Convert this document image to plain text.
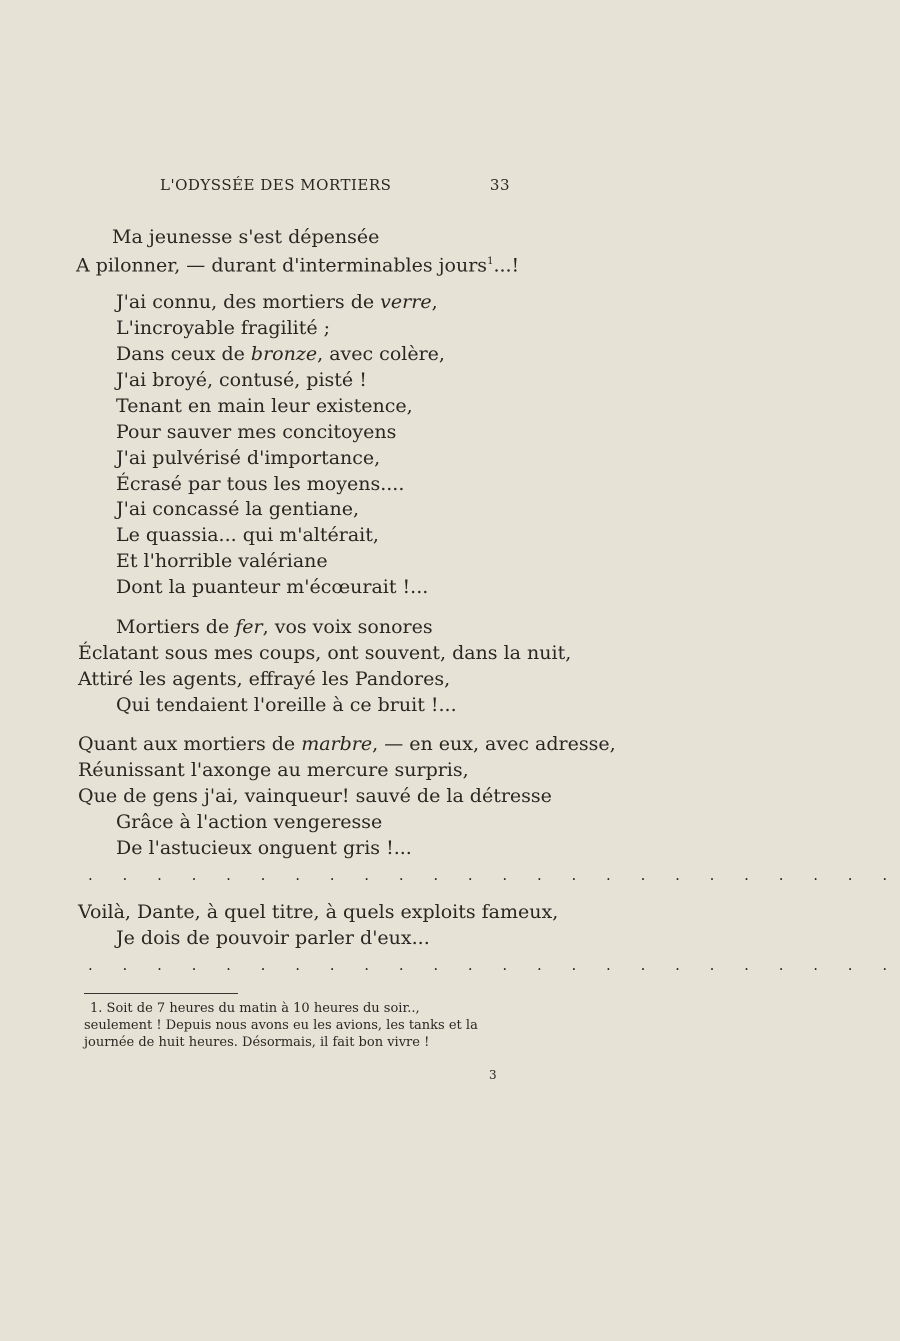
L'ODYSSÉE DES MORTIERS	33
Ma jeunesse s'est dépensée
A pilonner, — durant d'interminables jours$^1$...!
J'ai connu, des mortiers de verre,
L'incroyable fragilité ;
Dans ceux de bronze, avec colère,
J'ai broyé, contusé, pisté !
Tenant en main leur existence,
Pour sauver mes concitoyens
J'ai pulvérisé d'importance,
Écrasé par tous les moyens....
J'ai concassé la gentiane,
Le quassia... qui m'altérait,
Et l'horrible valériane
Dont la puanteur m'écœurait !...
Mortiers de fer, vos voix sonores
Éclatant sous mes coups, ont souvent, dans la nuit,
Attiré les agents, effrayé les Pandores,
Qui tendaient l'oreille à ce bruit !...
Quant aux mortiers de marbre, — en eux, avec adresse,
Réunissant l'axonge au mercure surpris,
Que de gens j'ai, vainqueur! sauvé de la détresse
Grâce à l'action vengeresse
De l'astucieux onguent gris !...
. . . . . . . . . . . . . . . . . . . . . . . .
Voilà, Dante, à quel titre, à quels exploits fameux,
Je dois de pouvoir parler d'eux...
. . . . . . . . . . . . . . . . . . . . . . . .

1. Soit de 7 heures du matin à 10 heures du soir..,

seulement ! Depuis nous avons eu les avions, les tanks et la

journée de huit heures. Désormais, il fait bon vivre !

3
